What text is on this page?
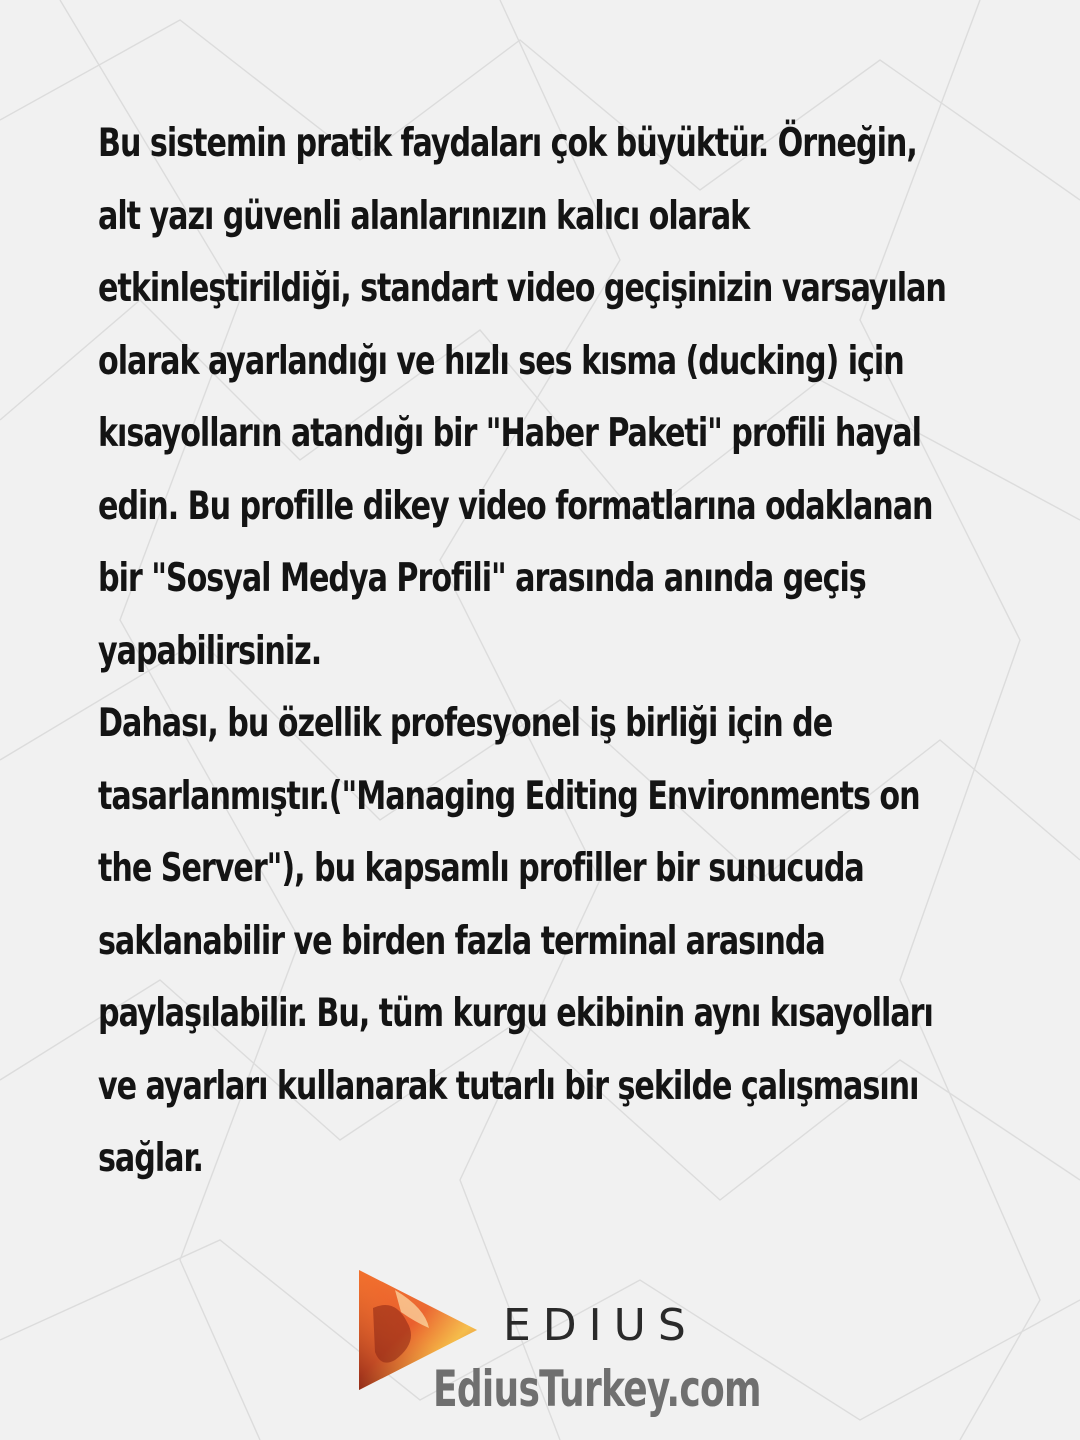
Bu sistemin pratik faydaları çok büyüktür. Örneğin,
alt yazı güvenli alanlarınızın kalıcı olarak
etkinleştirildiği, standart video geçişinizin varsayılan
olarak ayarlandığı ve hızlı ses kısma (ducking) için
kısayolların atandığı bir "Haber Paketi" profili hayal
edin. Bu profille dikey video formatlarına odaklanan
bir "Sosyal Medya Profili" arasında anında geçiş
yapabilirsiniz.
Dahası, bu özellik profesyonel iş birliği için de
tasarlanmıştır.("Managing Editing Environments on
the Server"), bu kapsamlı profiller bir sunucuda
saklanabilir ve birden fazla terminal arasında
paylaşılabilir. Bu, tüm kurgu ekibinin aynı kısayolları
ve ayarları kullanarak tutarlı bir şekilde çalışmasını
sağlar.
EDIUS
EdiusTurkey.com
